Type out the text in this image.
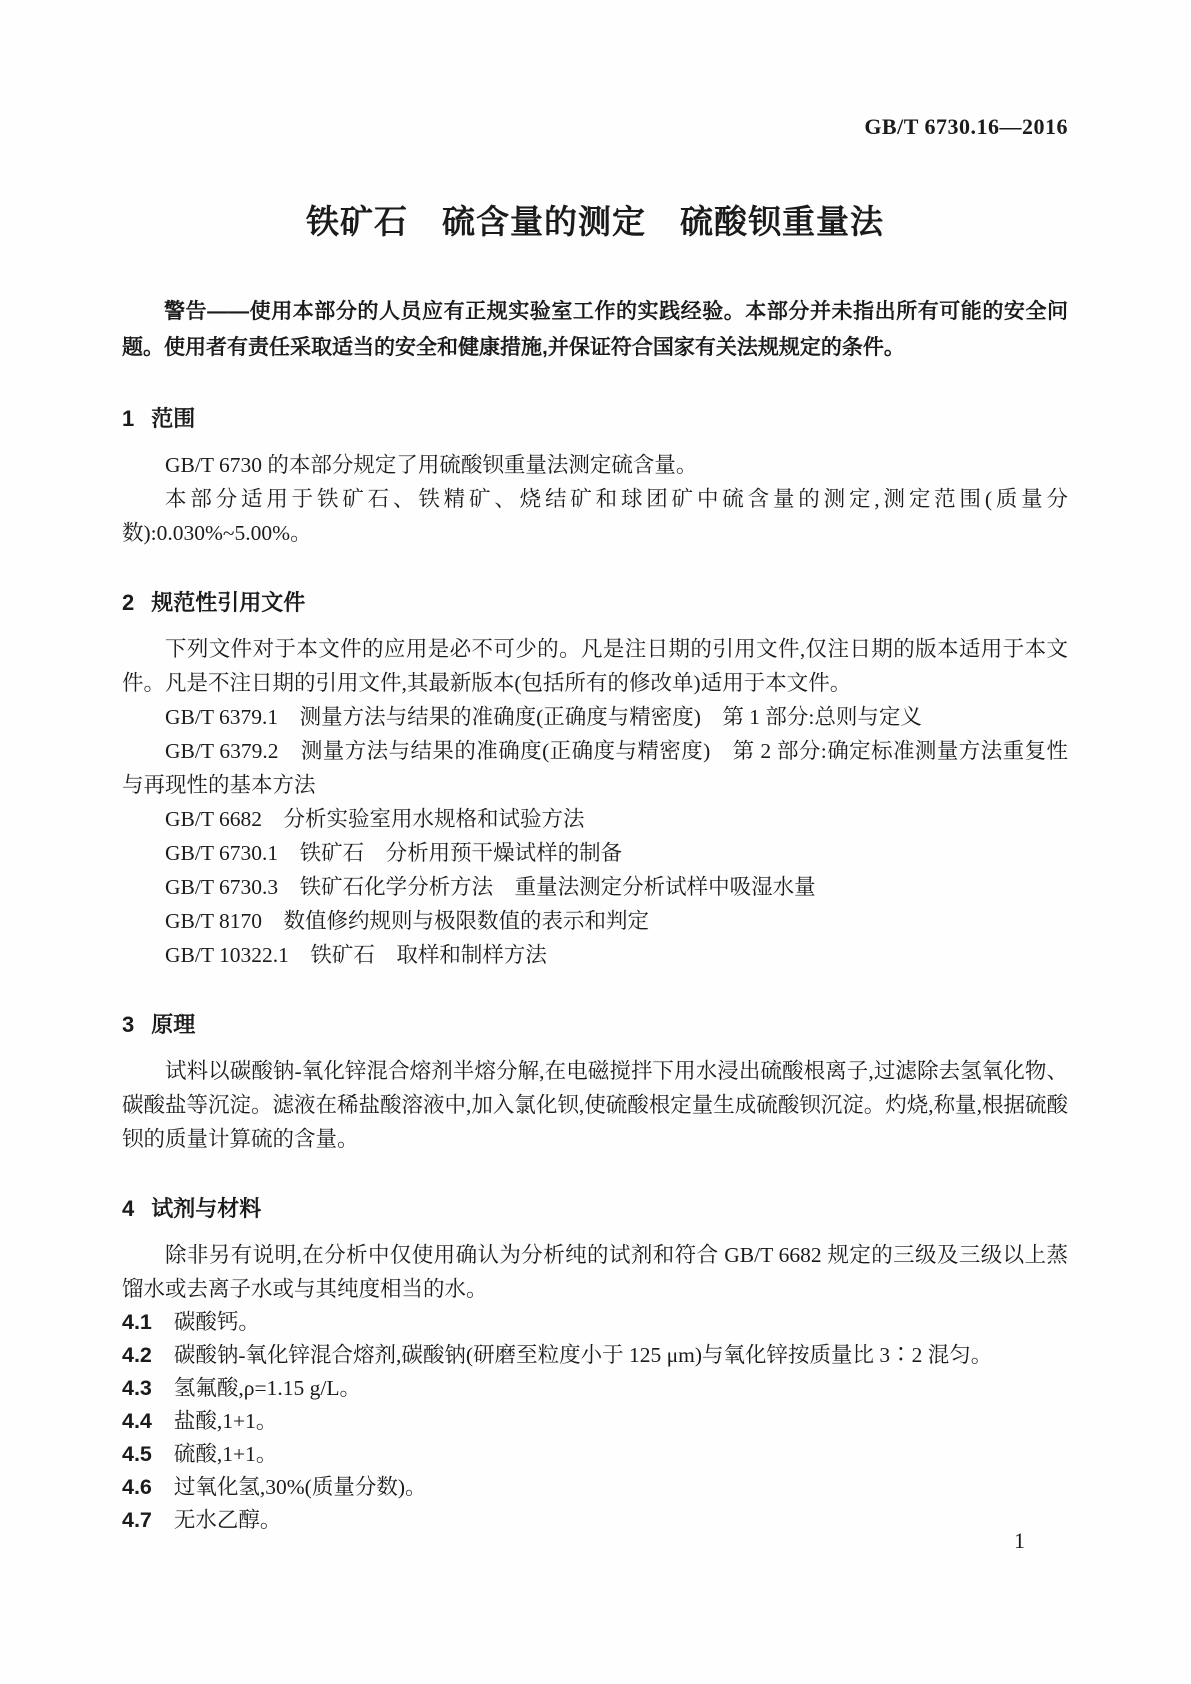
GB/T 6730.16—2016
铁矿石　硫含量的测定　硫酸钡重量法

警告——使用本部分的人员应有正规实验室工作的实践经验。本部分并未指出所有可能的安全问题。使用者有责任采取适当的安全和健康措施,并保证符合国家有关法规规定的条件。

1 范围

GB/T 6730 的本部分规定了用硫酸钡重量法测定硫含量。

本部分适用于铁矿石、铁精矿、烧结矿和球团矿中硫含量的测定,测定范围(质量分数):0.030%~5.00%。

2 规范性引用文件

下列文件对于本文件的应用是必不可少的。凡是注日期的引用文件,仅注日期的版本适用于本文件。凡是不注日期的引用文件,其最新版本(包括所有的修改单)适用于本文件。

GB/T 6379.1　测量方法与结果的准确度(正确度与精密度)　第 1 部分:总则与定义

GB/T 6379.2　测量方法与结果的准确度(正确度与精密度)　第 2 部分:确定标准测量方法重复性与再现性的基本方法

GB/T 6682　分析实验室用水规格和试验方法

GB/T 6730.1　铁矿石　分析用预干燥试样的制备

GB/T 6730.3　铁矿石化学分析方法　重量法测定分析试样中吸湿水量

GB/T 8170　数值修约规则与极限数值的表示和判定

GB/T 10322.1　铁矿石　取样和制样方法

3 原理

试料以碳酸钠-氧化锌混合熔剂半熔分解,在电磁搅拌下用水浸出硫酸根离子,过滤除去氢氧化物、碳酸盐等沉淀。滤液在稀盐酸溶液中,加入氯化钡,使硫酸根定量生成硫酸钡沉淀。灼烧,称量,根据硫酸钡的质量计算硫的含量。

4 试剂与材料

除非另有说明,在分析中仅使用确认为分析纯的试剂和符合 GB/T 6682 规定的三级及三级以上蒸馏水或去离子水或与其纯度相当的水。

4.1 碳酸钙。

4.2 碳酸钠-氧化锌混合熔剂,碳酸钠(研磨至粒度小于 125 μm)与氧化锌按质量比 3∶2 混匀。

4.3 氢氟酸,ρ=1.15 g/L。

4.4 盐酸,1+1。

4.5 硫酸,1+1。

4.6 过氧化氢,30%(质量分数)。

4.7 无水乙醇。

1
